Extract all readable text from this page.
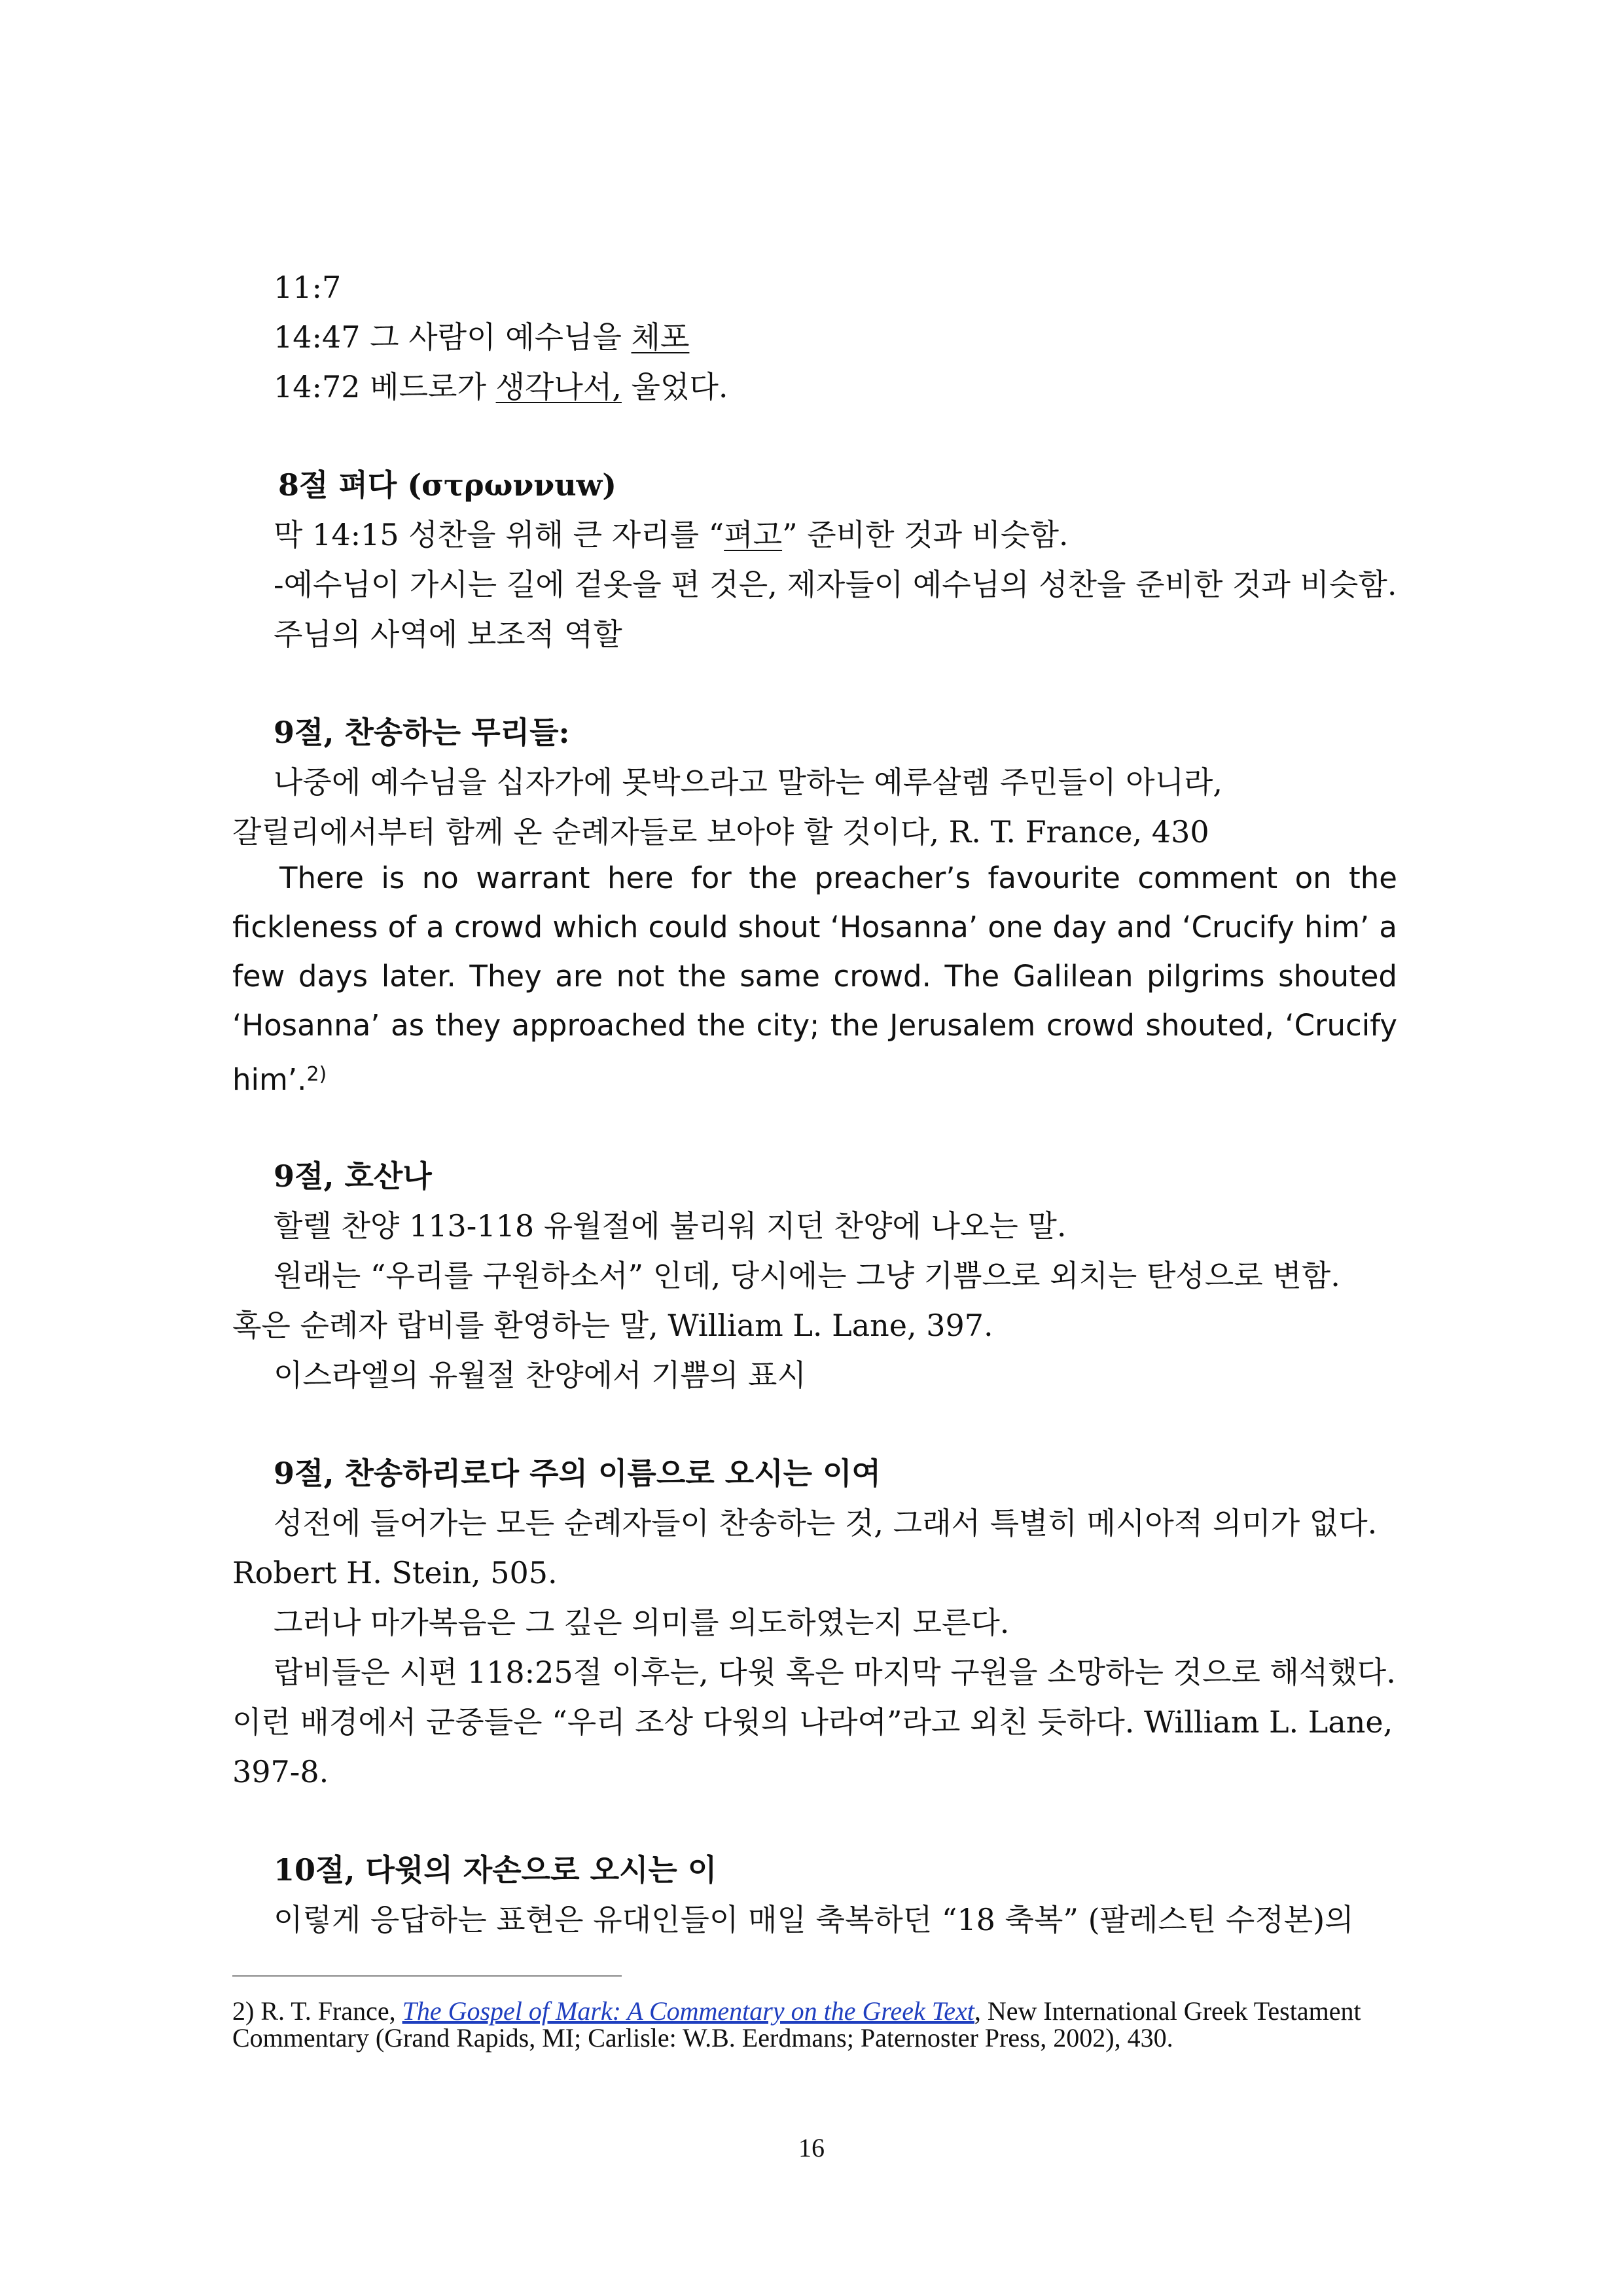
11:7
14:47 그 사람이 예수님을 체포
14:72 베드로가 생각나서, 울었다.
8절 펴다 (στρωννuw)
막 14:15 성찬을 위해 큰 자리를 “펴고” 준비한 것과 비슷함.
-예수님이 가시는 길에 겉옷을 편 것은, 제자들이 예수님의 성찬을 준비한 것과 비슷함.
주님의 사역에 보조적 역할
9절, 찬송하는 무리들:
나중에 예수님을 십자가에 못박으라고 말하는 예루살렘 주민들이 아니라,
갈릴리에서부터 함께 온 순례자들로 보아야 할 것이다, R. T. France, 430

There is no warrant here for the preacher’s favourite comment on the fickleness of a crowd which could shout ‘Hosanna’ one day and ‘Crucify him’ a few days later. They are not the same crowd. The Galilean pilgrims shouted ‘Hosanna’ as they approached the city; the Jerusalem crowd shouted, ‘Crucify him’.$^{2)}$

9절, 호산나
할렐 찬양 113-118 유월절에 불리워 지던 찬양에 나오는 말.
원래는 “우리를 구원하소서” 인데, 당시에는 그냥 기쁨으로 외치는 탄성으로 변함.
혹은 순례자 랍비를 환영하는 말, William L. Lane, 397.
이스라엘의 유월절 찬양에서 기쁨의 표시
9절, 찬송하리로다 주의 이름으로 오시는 이여
성전에 들어가는 모든 순례자들이 찬송하는 것, 그래서 특별히 메시아적 의미가 없다.
Robert H. Stein, 505.
그러나 마가복음은 그 깊은 의미를 의도하였는지 모른다.
랍비들은 시편 118:25절 이후는, 다윗 혹은 마지막 구원을 소망하는 것으로 해석했다.
이런 배경에서 군중들은 “우리 조상 다윗의 나라여”라고 외친 듯하다. William L. Lane,
397-8.
10절, 다윗의 자손으로 오시는 이
이렇게 응답하는 표현은 유대인들이 매일 축복하던 “18 축복” (팔레스틴 수정본)의
2) R. T. France, The Gospel of Mark: A Commentary on the Greek Text, New International Greek Testament Commentary (Grand Rapids, MI; Carlisle: W.B. Eerdmans; Paternoster Press, 2002), 430.
16
